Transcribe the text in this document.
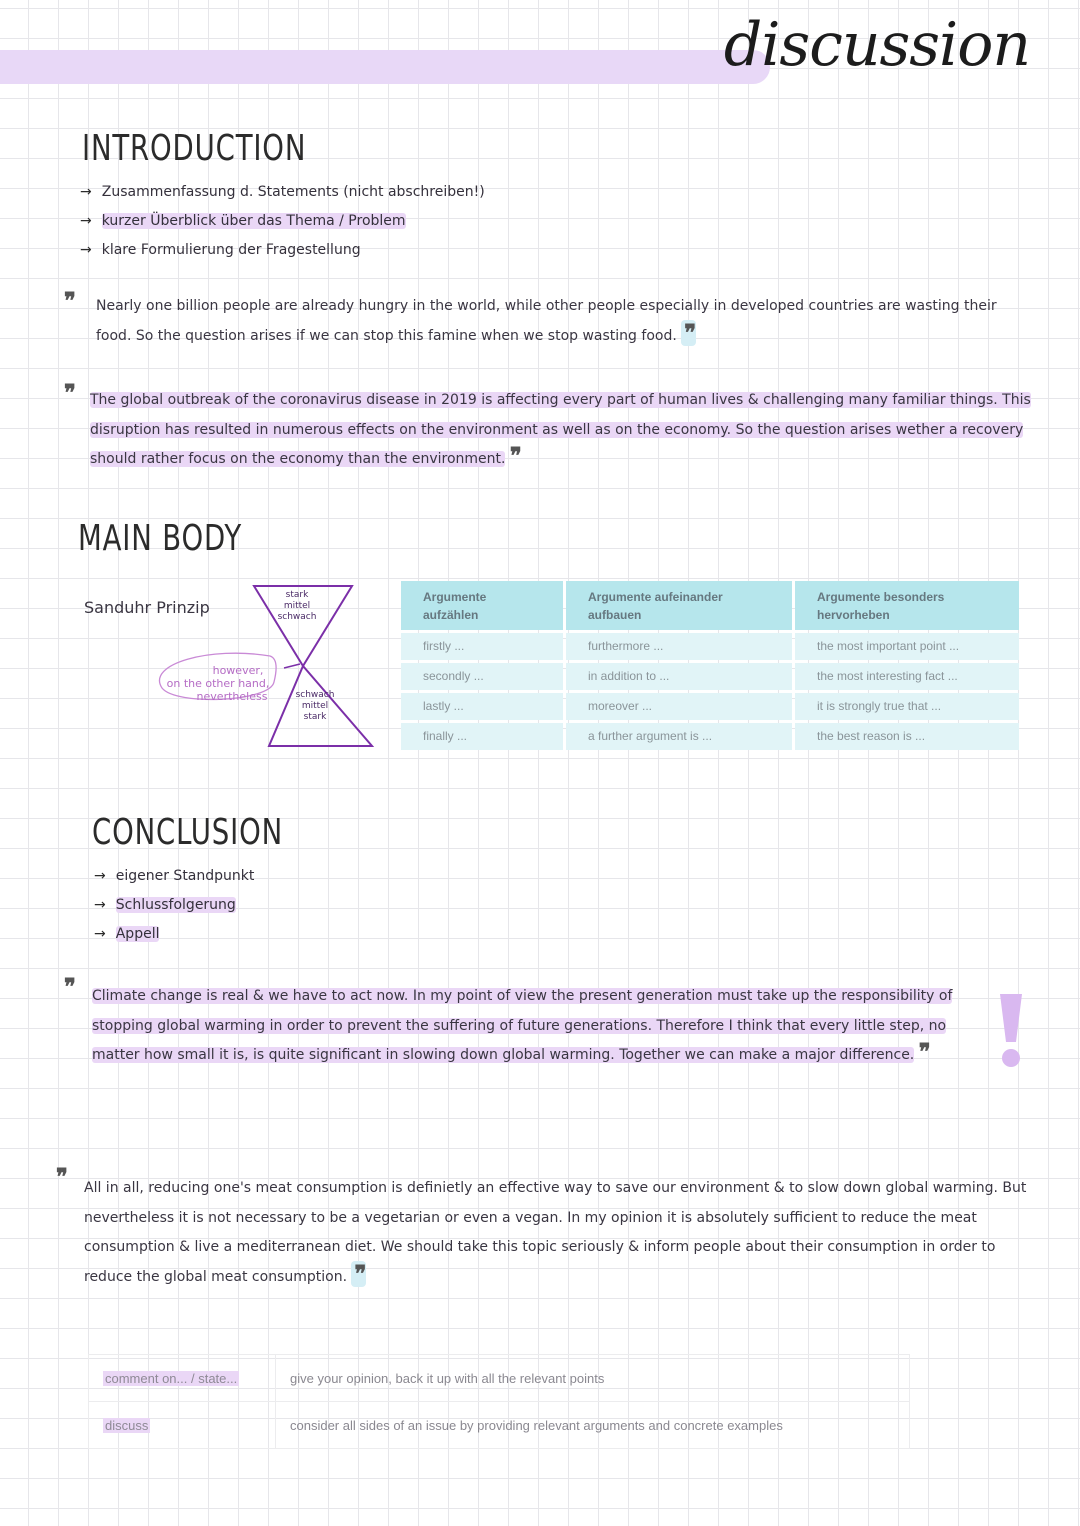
discussion
INTRODUCTION
→ Zusammenfassung d. Statements (nicht abschreiben!)
→ kurzer Überblick über das Thema / Problem
→ klare Formulierung der Fragestellung
❞ Nearly one billion people are already hungry in the world, while other people especially in developed countries are wasting their food. So the question arises if we can stop this famine when we stop wasting food. ❞
❞ The global outbreak of the coronavirus disease in 2019 is affecting every part of human lives & challenging many familiar things. This disruption has resulted in numerous effects on the environment as well as on the economy. So the question arises wether a recovery should rather focus on the economy than the environment. ❞
MAIN BODY
Sanduhr Prinzip
stark
mittel
schwach
schwach
mittel
stark
however,
on the other hand,
nevertheless
Argumente aufzählen	Argumente aufeinander aufbauen	Argumente besonders hervorheben
firstly ...	furthermore ...	the most important point ...
secondly ...	in addition to ...	the most interesting fact ...
lastly ...	moreover ...	it is strongly true that ...
finally ...	a further argument is ...	the best reason is ...
CONCLUSION
→ eigener Standpunkt
→ Schlussfolgerung
→ Appell
❞ Climate change is real & we have to act now. In my point of view the present generation must take up the responsibility of stopping global warming in order to prevent the suffering of future generations. Therefore I think that every little step, no matter how small it is, is quite significant in slowing down global warming. Together we can make a major difference. ❞
❞ All in all, reducing one's meat consumption is definietly an effective way to save our environment & to slow down global warming. But nevertheless it is not necessary to be a vegetarian or even a vegan. In my opinion it is absolutely sufficient to reduce the meat consumption & live a mediterranean diet. We should take this topic seriously & inform people about their consumption in order to reduce the global meat consumption. ❞
comment on... / state...	give your opinion, back it up with all the relevant points
discuss	consider all sides of an issue by providing relevant arguments and concrete examples
